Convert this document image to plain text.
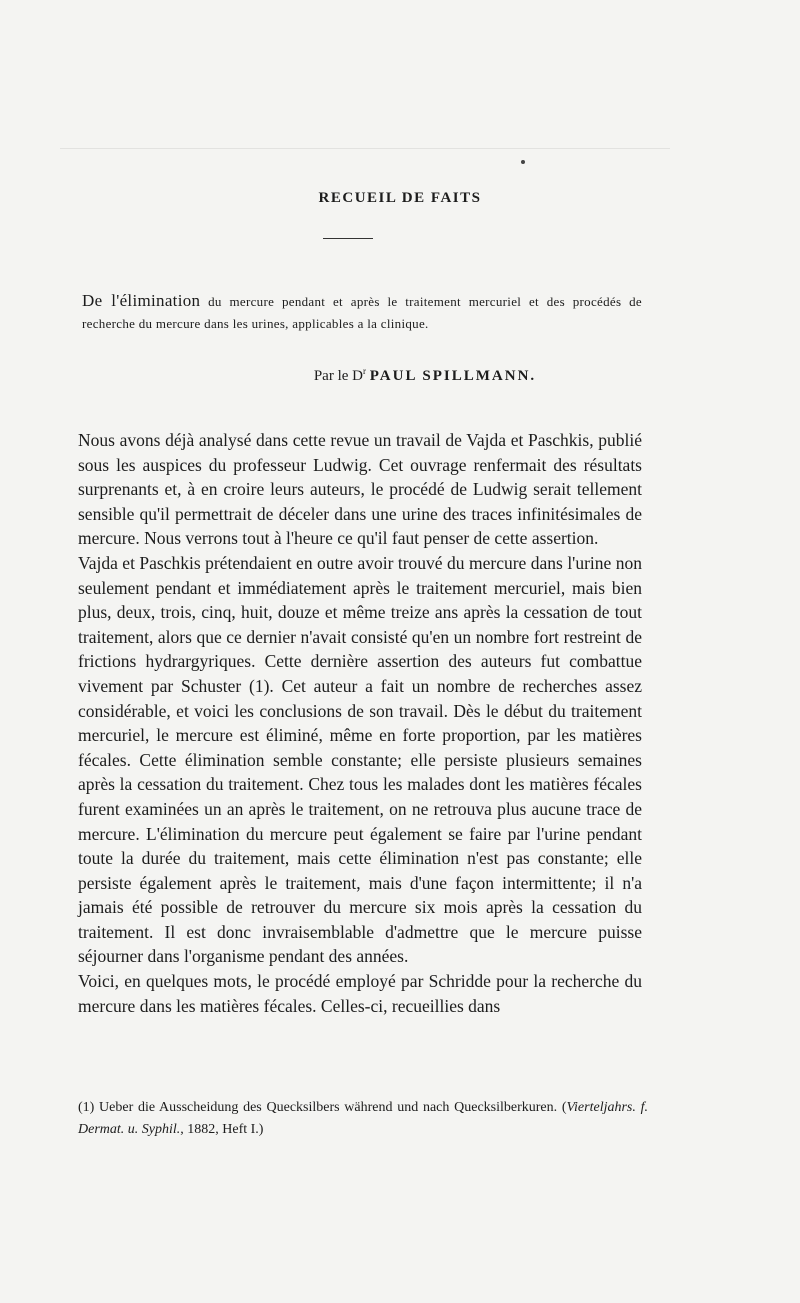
RECUEIL DE FAITS
De l'élimination du mercure pendant et après le traitement mercuriel et des procédés de recherche du mercure dans les urines, applicables a la clinique.
Par le $D^r$ PAUL SPILLMANN.

Nous avons déjà analysé dans cette revue un travail de Vajda et Paschkis, publié sous les auspices du professeur Ludwig. Cet ouvrage renfermait des résultats surprenants et, à en croire leurs auteurs, le procédé de Ludwig serait tellement sensible qu'il permettrait de déceler dans une urine des traces infinitésimales de mercure. Nous verrons tout à l'heure ce qu'il faut penser de cette assertion.

Vajda et Paschkis prétendaient en outre avoir trouvé du mercure dans l'urine non seulement pendant et immédiatement après le traitement mercuriel, mais bien plus, deux, trois, cinq, huit, douze et même treize ans après la cessation de tout traitement, alors que ce dernier n'avait consisté qu'en un nombre fort restreint de frictions hydrargyriques. Cette dernière assertion des auteurs fut combattue vivement par Schuster (1). Cet auteur a fait un nombre de recherches assez considérable, et voici les conclusions de son travail. Dès le début du traitement mercuriel, le mercure est éliminé, même en forte proportion, par les matières fécales. Cette élimination semble constante; elle persiste plusieurs semaines après la cessation du traitement. Chez tous les malades dont les matières fécales furent examinées un an après le traitement, on ne retrouva plus aucune trace de mercure. L'élimination du mercure peut également se faire par l'urine pendant toute la durée du traitement, mais cette élimination n'est pas constante; elle persiste également après le traitement, mais d'une façon intermittente; il n'a jamais été possible de retrouver du mercure six mois après la cessation du traitement. Il est donc invraisemblable d'admettre que le mercure puisse séjourner dans l'organisme pendant des années.

Voici, en quelques mots, le procédé employé par Schridde pour la recherche du mercure dans les matières fécales. Celles-ci, recueillies dans

(1) Ueber die Ausscheidung des Quecksilbers während und nach Quecksilberkuren. (Vierteljahrs. f. Dermat. u. Syphil., 1882, Heft I.)
